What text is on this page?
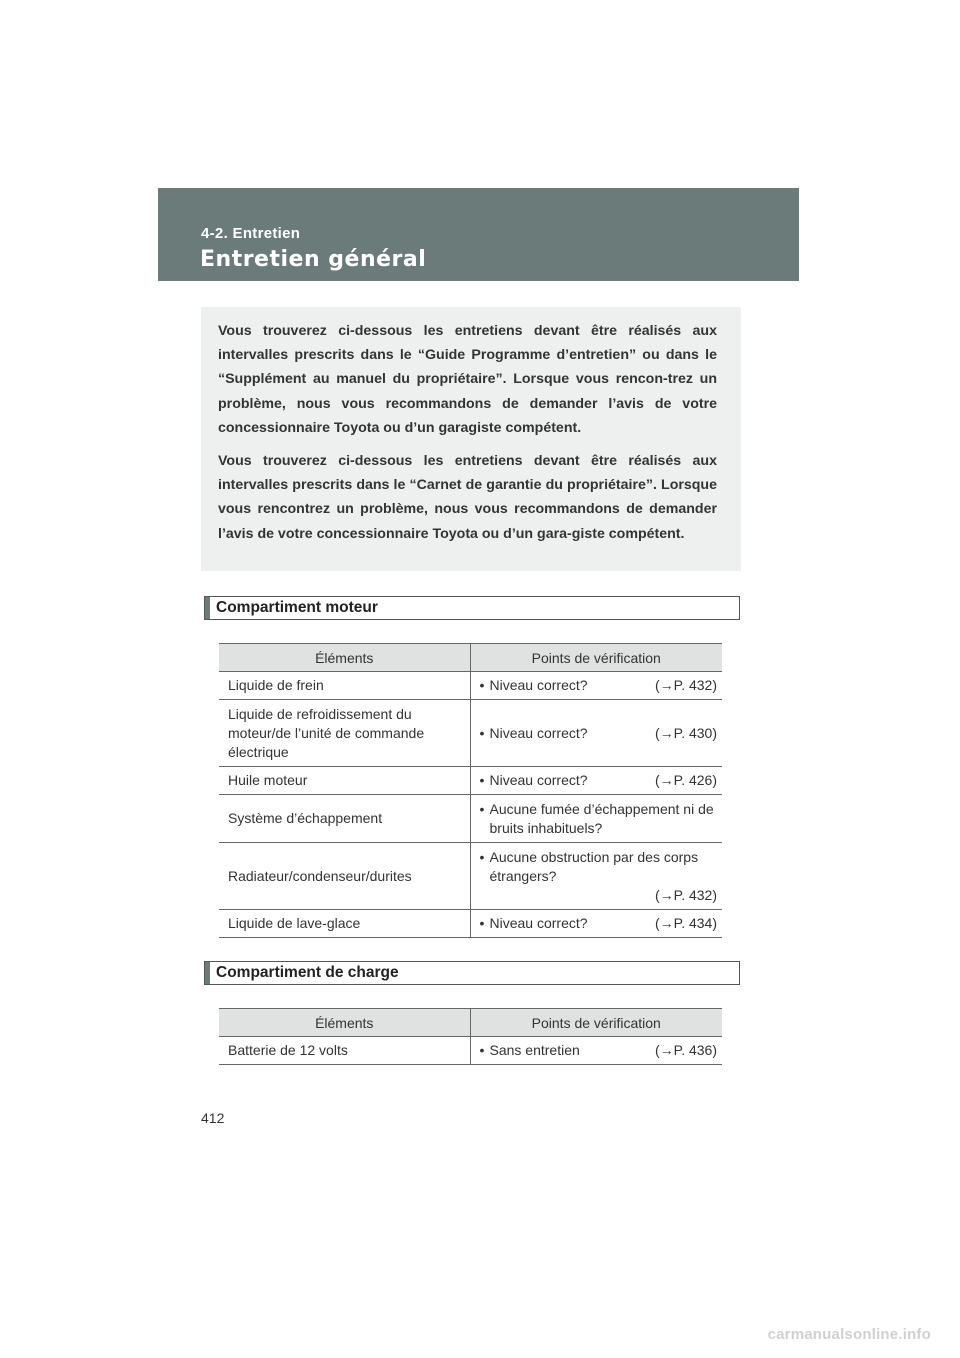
4-2. Entretien
Entretien général

Vous trouverez ci-dessous les entretiens devant être réalisés aux intervalles prescrits dans le “Guide Programme d’entretien” ou dans le “Supplément au manuel du propriétaire”. Lorsque vous rencon-trez un problème, nous vous recommandons de demander l’avis de votre concessionnaire Toyota ou d’un garagiste compétent.

Vous trouverez ci-dessous les entretiens devant être réalisés aux intervalles prescrits dans le “Carnet de garantie du propriétaire”. Lorsque vous rencontrez un problème, nous vous recommandons de demander l’avis de votre concessionnaire Toyota ou d’un gara-giste compétent.

Compartiment moteur
Éléments	Points de vérification
Liquide de frein	• Niveau correct? (→P. 432)

Liquide de refroidissement du moteur/de l’unité de commande électrique	• Niveau correct? (→P. 430)

Huile moteur	• Niveau correct? (→P. 426)

Système d’échappement	• Aucune fumée d’échappement ni de bruits inhabituels?

Radiateur/condenseur/durites	• Aucune obstruction par des corps étrangers?
(→P. 432)

Liquide de lave-glace	• Niveau correct? (→P. 434)
Compartiment de charge
Éléments	Points de vérification
Batterie de 12 volts	• Sans entretien (→P. 436)
412
carmanualsonline.info
